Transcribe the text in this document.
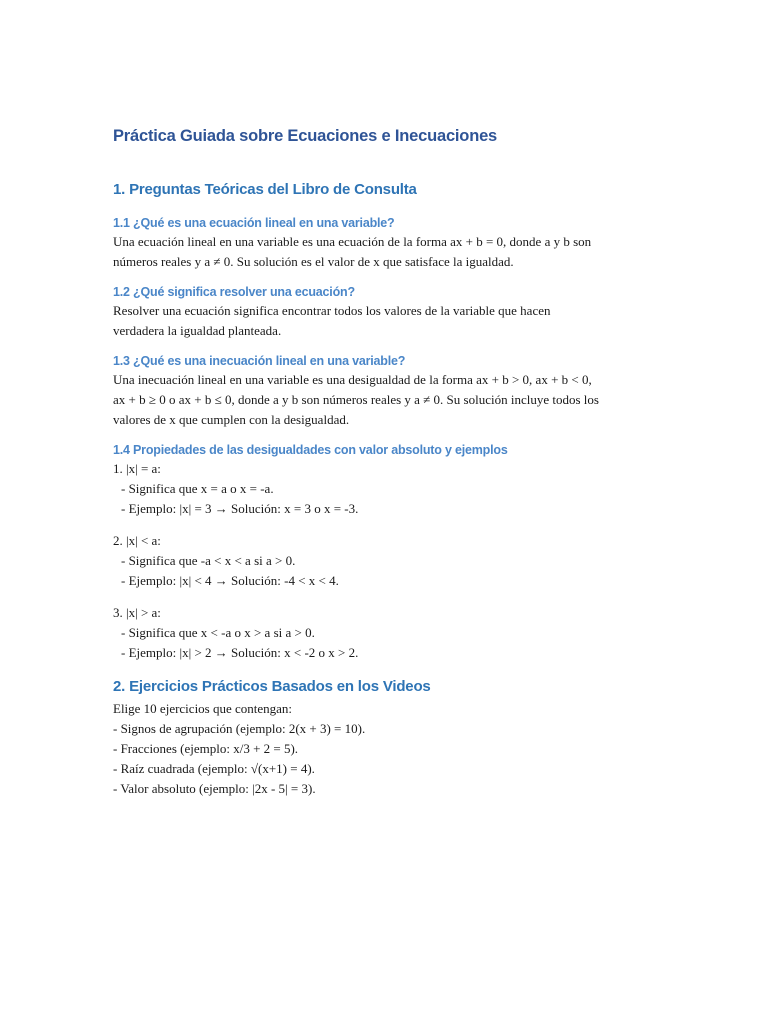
Práctica Guiada sobre Ecuaciones e Inecuaciones
1. Preguntas Teóricas del Libro de Consulta
1.1 ¿Qué es una ecuación lineal en una variable?

Una ecuación lineal en una variable es una ecuación de la forma ax + b = 0, donde a y b son

números reales y a ≠ 0. Su solución es el valor de x que satisface la igualdad.

1.2 ¿Qué significa resolver una ecuación?

Resolver una ecuación significa encontrar todos los valores de la variable que hacen

verdadera la igualdad planteada.

1.3 ¿Qué es una inecuación lineal en una variable?

Una inecuación lineal en una variable es una desigualdad de la forma ax + b > 0, ax + b < 0,

ax + b ≥ 0 o ax + b ≤ 0, donde a y b son números reales y a ≠ 0. Su solución incluye todos los

valores de x que cumplen con la desigualdad.

1.4 Propiedades de las desigualdades con valor absoluto y ejemplos

1. |x| = a:

- Significa que x = a o x = -a.

- Ejemplo: |x| = 3 → Solución: x = 3 o x = -3.

2. |x| < a:

- Significa que -a < x < a si a > 0.

- Ejemplo: |x| < 4 → Solución: -4 < x < 4.

3. |x| > a:

- Significa que x < -a o x > a si a > 0.

- Ejemplo: |x| > 2 → Solución: x < -2 o x > 2.

2. Ejercicios Prácticos Basados en los Videos

Elige 10 ejercicios que contengan:

- Signos de agrupación (ejemplo: 2(x + 3) = 10).

- Fracciones (ejemplo: x/3 + 2 = 5).

- Raíz cuadrada (ejemplo: √(x+1) = 4).

- Valor absoluto (ejemplo: |2x - 5| = 3).
